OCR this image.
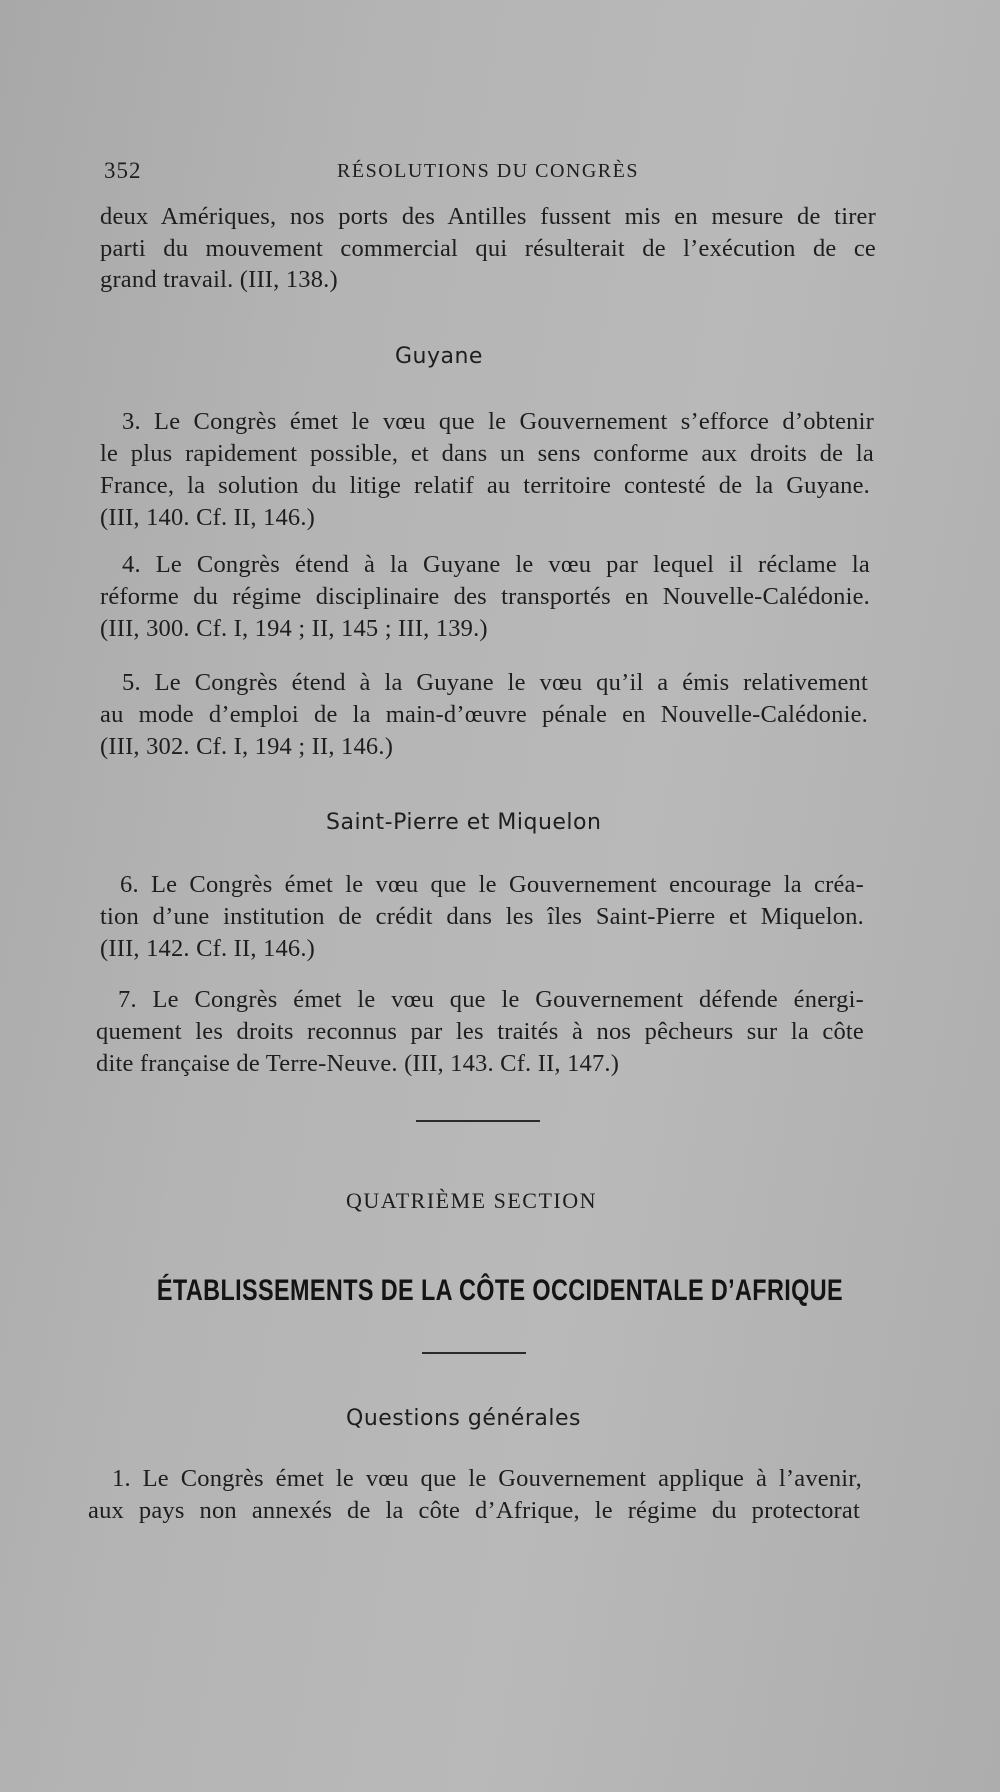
352	RÉSOLUTIONS DU CONGRÈS
deux Amériques, nos ports des Antilles fussent mis en mesure de tirer
parti du mouvement commercial qui résulterait de l’exécution de ce
grand travail. (III, 138.)
Guyane
3. Le Congrès émet le vœu que le Gouvernement s’efforce d’obtenir
le plus rapidement possible, et dans un sens conforme aux droits de la
France, la solution du litige relatif au territoire contesté de la Guyane.
(III, 140. Cf. II, 146.)
4. Le Congrès étend à la Guyane le vœu par lequel il réclame la
réforme du régime disciplinaire des transportés en Nouvelle-Calédonie.
(III, 300. Cf. I, 194 ; II, 145 ; III, 139.)
5. Le Congrès étend à la Guyane le vœu qu’il a émis relativement
au mode d’emploi de la main-d’œuvre pénale en Nouvelle-Calédonie.
(III, 302. Cf. I, 194 ; II, 146.)
Saint-Pierre et Miquelon
6. Le Congrès émet le vœu que le Gouvernement encourage la créa-
tion d’une institution de crédit dans les îles Saint-Pierre et Miquelon.
(III, 142. Cf. II, 146.)
7. Le Congrès émet le vœu que le Gouvernement défende énergi-
quement les droits reconnus par les traités à nos pêcheurs sur la côte
dite française de Terre-Neuve. (III, 143. Cf. II, 147.)
QUATRIÈME SECTION
ÉTABLISSEMENTS DE LA CÔTE OCCIDENTALE D’AFRIQUE
Questions générales
1. Le Congrès émet le vœu que le Gouvernement applique à l’avenir,
aux pays non annexés de la côte d’Afrique, le régime du protectorat
